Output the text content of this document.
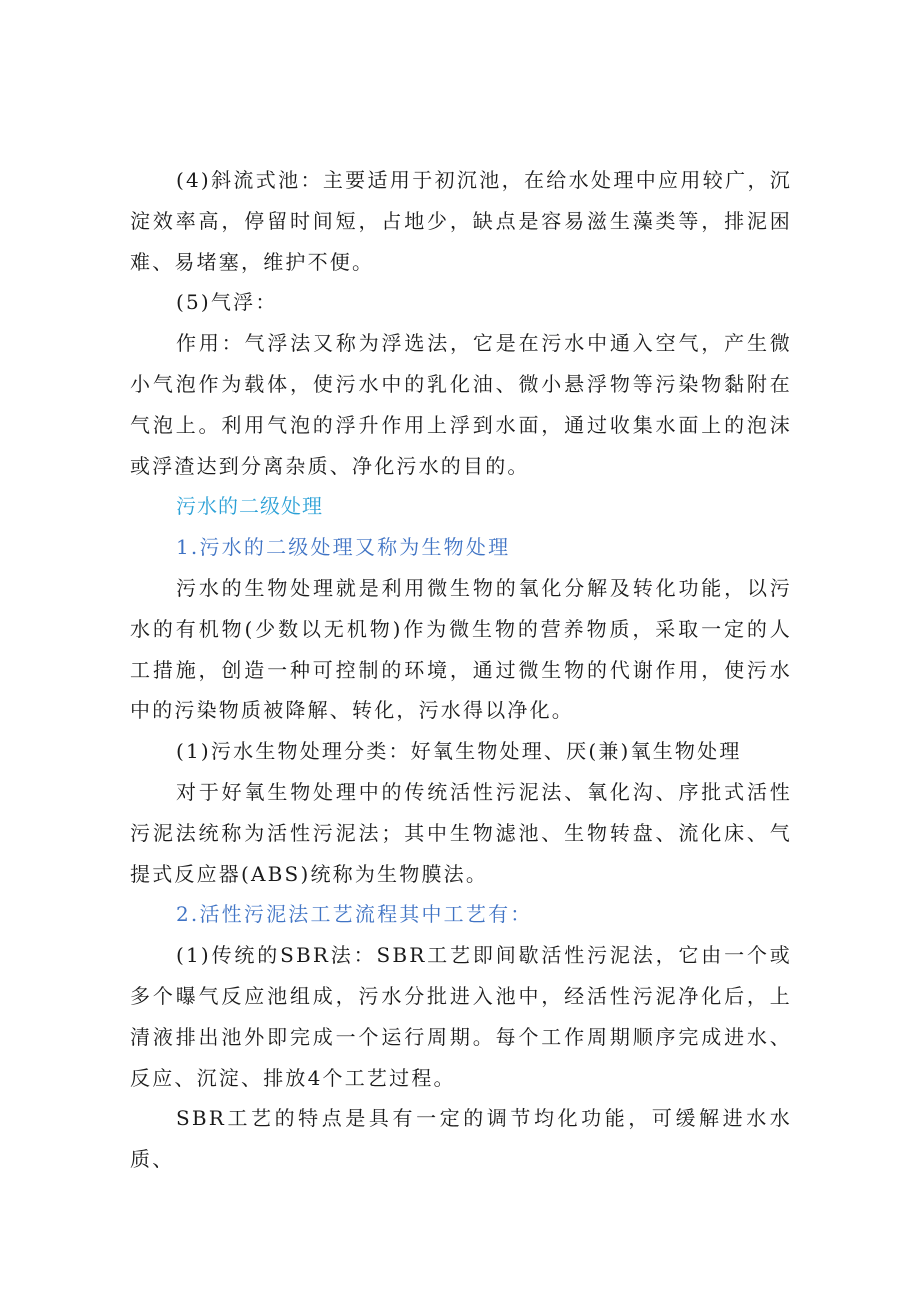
(4)斜流式池：主要适用于初沉池，在给水处理中应用较广，沉淀效率高，停留时间短，占地少，缺点是容易滋生藻类等，排泥困难、易堵塞，维护不便。

(5)气浮：

作用：气浮法又称为浮选法，它是在污水中通入空气，产生微小气泡作为载体，使污水中的乳化油、微小悬浮物等污染物黏附在气泡上。利用气泡的浮升作用上浮到水面，通过收集水面上的泡沫或浮渣达到分离杂质、净化污水的目的。

污水的二级处理

1.污水的二级处理又称为生物处理

污水的生物处理就是利用微生物的氧化分解及转化功能，以污水的有机物(少数以无机物)作为微生物的营养物质，采取一定的人工措施，创造一种可控制的环境，通过微生物的代谢作用，使污水中的污染物质被降解、转化，污水得以净化。

(1)污水生物处理分类：好氧生物处理、厌(兼)氧生物处理

对于好氧生物处理中的传统活性污泥法、氧化沟、序批式活性污泥法统称为活性污泥法；其中生物滤池、生物转盘、流化床、气提式反应器(ABS)统称为生物膜法。

2.活性污泥法工艺流程其中工艺有：

(1)传统的SBR法：SBR工艺即间歇活性污泥法，它由一个或多个曝气反应池组成，污水分批进入池中，经活性污泥净化后，上清液排出池外即完成一个运行周期。每个工作周期顺序完成进水、反应、沉淀、排放4个工艺过程。

SBR工艺的特点是具有一定的调节均化功能，可缓解进水水质、
